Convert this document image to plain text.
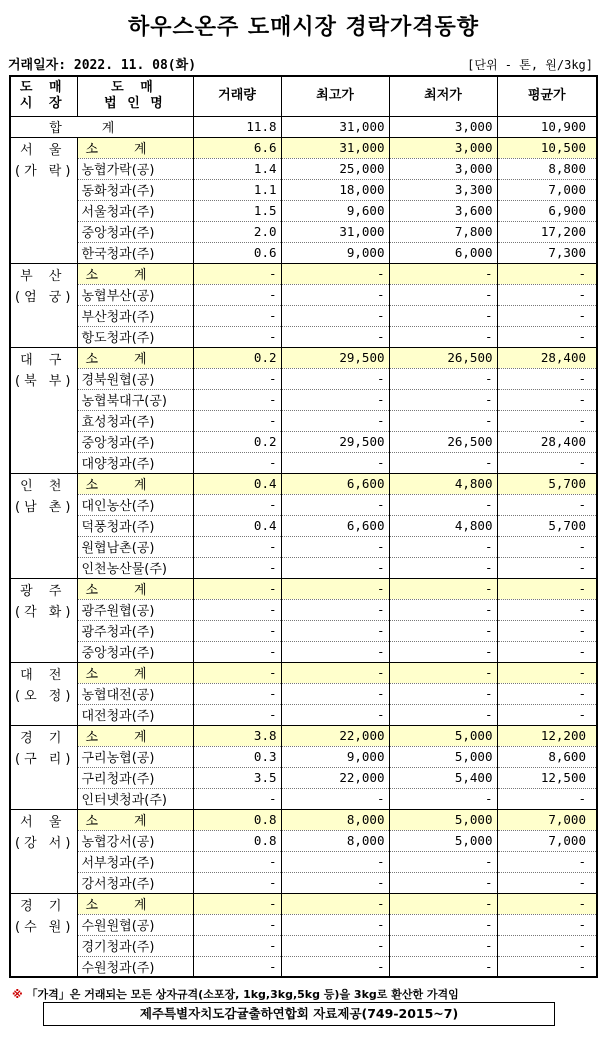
하우스온주 도매시장 경락가격동향
거래일자: 2022. 11. 08(화)	[단위 - 톤, 원/3kg]
도 매
시 장	도 매
법 인 명	거래량	최고가	최저가	평균가
합계		11.8	31,000	3,000	10,900

서 울
(가 락)	소계	6.6	31,000	3,000	10,500
	농협가락(공)	1.4	25,000	3,000	8,800
	동화청과(주)	1.1	18,000	3,300	7,000
	서울청과(주)	1.5	9,600	3,600	6,900
	중앙청과(주)	2.0	31,000	7,800	17,200
	한국청과(주)	0.6	9,000	6,000	7,300

부 산
(엄 궁)	소계	-	-	-	-
	농협부산(공)	-	-	-	-
	부산청과(주)	-	-	-	-
	항도청과(주)	-	-	-	-

대 구
(북 부)	소계	0.2	29,500	26,500	28,400
	경북원협(공)	-	-	-	-
	농협북대구(공)	-	-	-	-
	효성청과(주)	-	-	-	-
	중앙청과(주)	0.2	29,500	26,500	28,400
	대양청과(주)	-	-	-	-

인 천
(남 촌)	소계	0.4	6,600	4,800	5,700
	대인농산(주)	-	-	-	-
	덕풍청과(주)	0.4	6,600	4,800	5,700
	원협남촌(공)	-	-	-	-
	인천농산물(주)	-	-	-	-

광 주
(각 화)	소계	-	-	-	-
	광주원협(공)	-	-	-	-
	광주청과(주)	-	-	-	-
	중앙청과(주)	-	-	-	-

대 전
(오 정)	소계	-	-	-	-
	농협대전(공)	-	-	-	-
	대전청과(주)	-	-	-	-

경 기
(구 리)	소계	3.8	22,000	5,000	12,200
	구리농협(공)	0.3	9,000	5,000	8,600
	구리청과(주)	3.5	22,000	5,400	12,500
	인터넷청과(주)	-	-	-	-

서 울
(강 서)	소계	0.8	8,000	5,000	7,000
	농협강서(공)	0.8	8,000	5,000	7,000
	서부청과(주)	-	-	-	-
	강서청과(주)	-	-	-	-

경 기
(수 원)	소계	-	-	-	-
	수원원협(공)	-	-	-	-
	경기청과(주)	-	-	-	-
	수원청과(주)	-	-	-	-
※ 「가격」은 거래되는 모든 상자규격(소포장, 1kg,3kg,5kg 등)을 3kg로 환산한 가격임
제주특별자치도감귤출하연합회 자료제공(749-2015~7)
